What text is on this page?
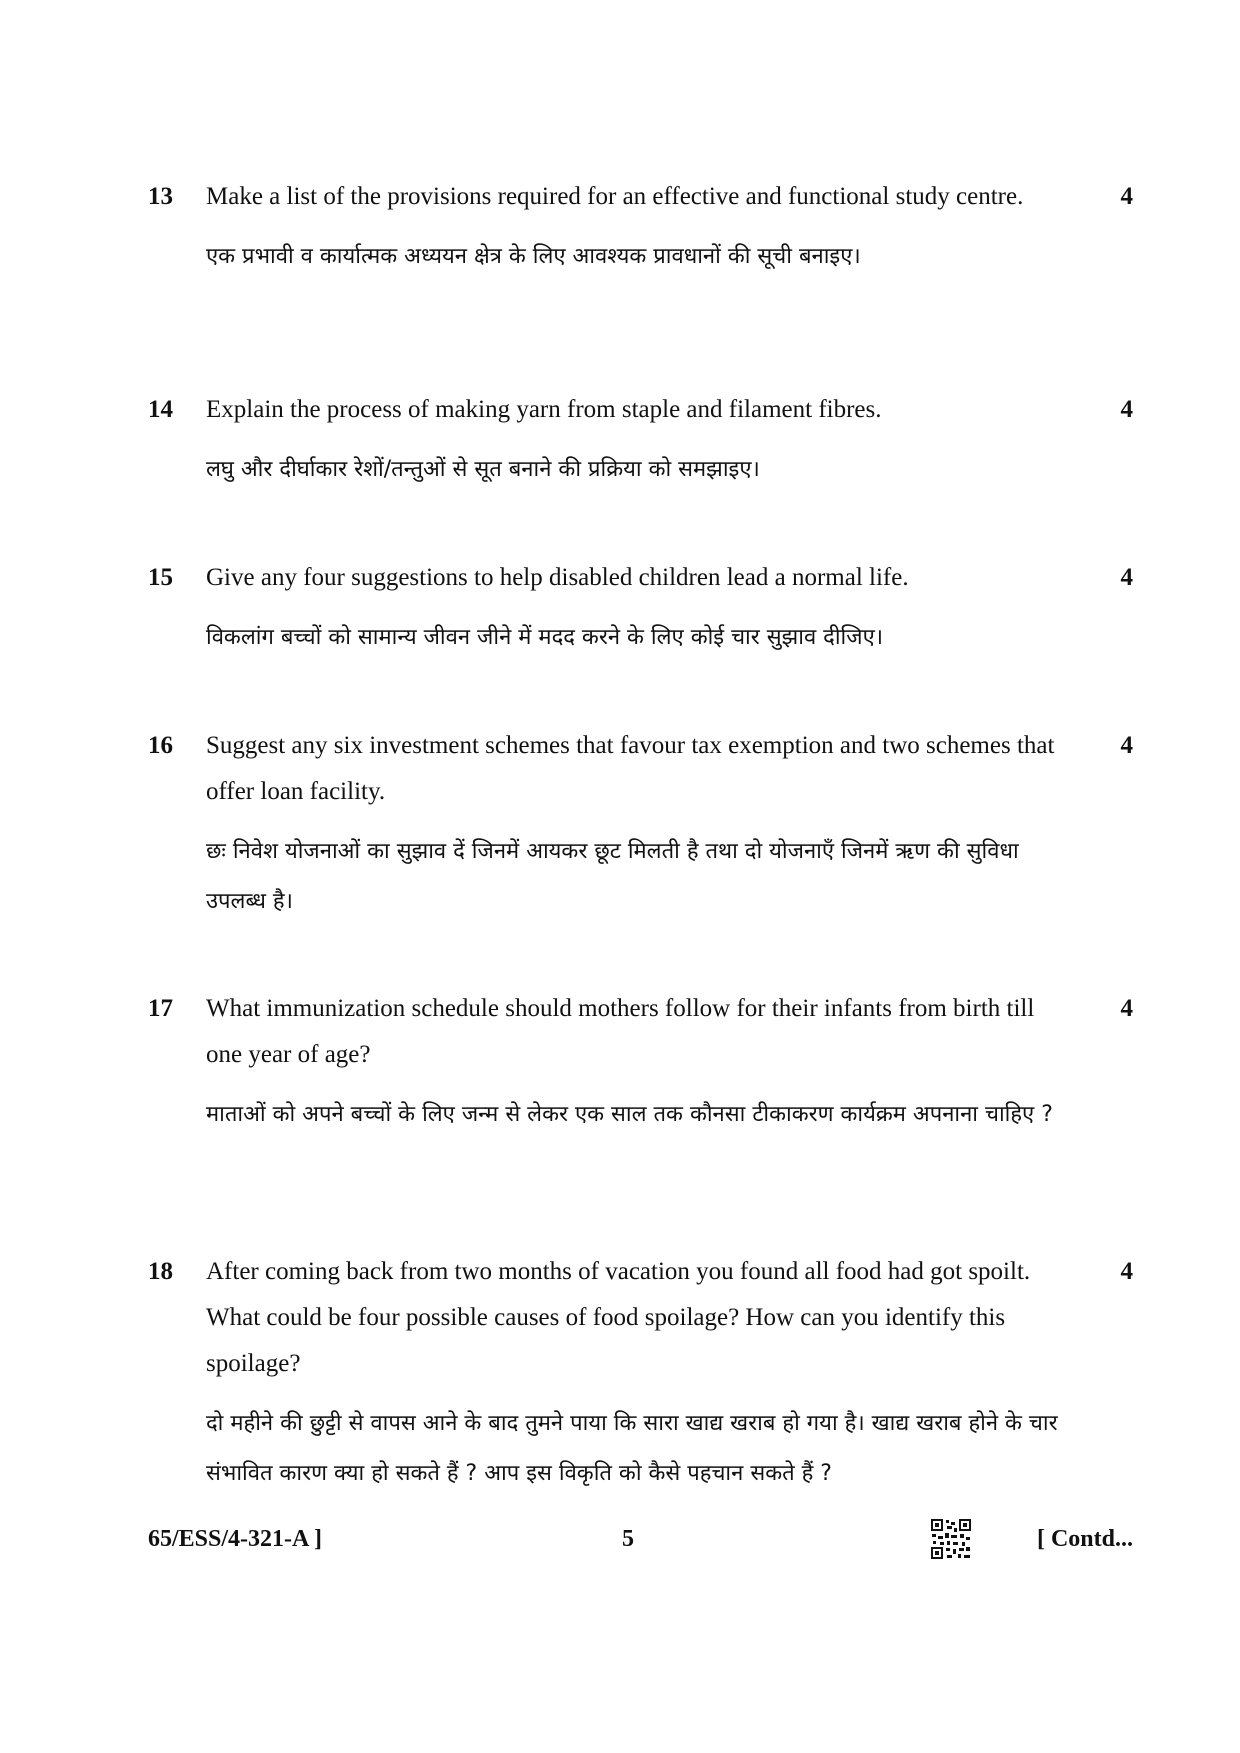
13	4
Make a list of the provisions required for an effective and functional study centre.
एक प्रभावी व कार्यात्मक अध्ययन क्षेत्र के लिए आवश्यक प्रावधानों की सूची बनाइए।
14	4
Explain the process of making yarn from staple and filament fibres.
लघु और दीर्घाकार रेशों/तन्तुओं से सूत बनाने की प्रक्रिया को समझाइए।
15	4
Give any four suggestions to help disabled children lead a normal life.
विकलांग बच्चों को सामान्य जीवन जीने में मदद करने के लिए कोई चार सुझाव दीजिए।
16	4
Suggest any six investment schemes that favour tax exemption and two schemes that offer loan facility.
छः निवेश योजनाओं का सुझाव दें जिनमें आयकर छूट मिलती है तथा दो योजनाएँ जिनमें ऋण की सुविधा उपलब्ध है।
17	4
What immunization schedule should mothers follow for their infants from birth till one year of age?
माताओं को अपने बच्चों के लिए जन्म से लेकर एक साल तक कौनसा टीकाकरण कार्यक्रम अपनाना चाहिए ?
18	4
After coming back from two months of vacation you found all food had got spoilt. What could be four possible causes of food spoilage? How can you identify this spoilage?
दो महीने की छुट्टी से वापस आने के बाद तुमने पाया कि सारा खाद्य खराब हो गया है। खाद्य खराब होने के चार संभावित कारण क्या हो सकते हैं ? आप इस विकृति को कैसे पहचान सकते हैं ?
65/ESS/4-321-A ]	5	[ Contd...
